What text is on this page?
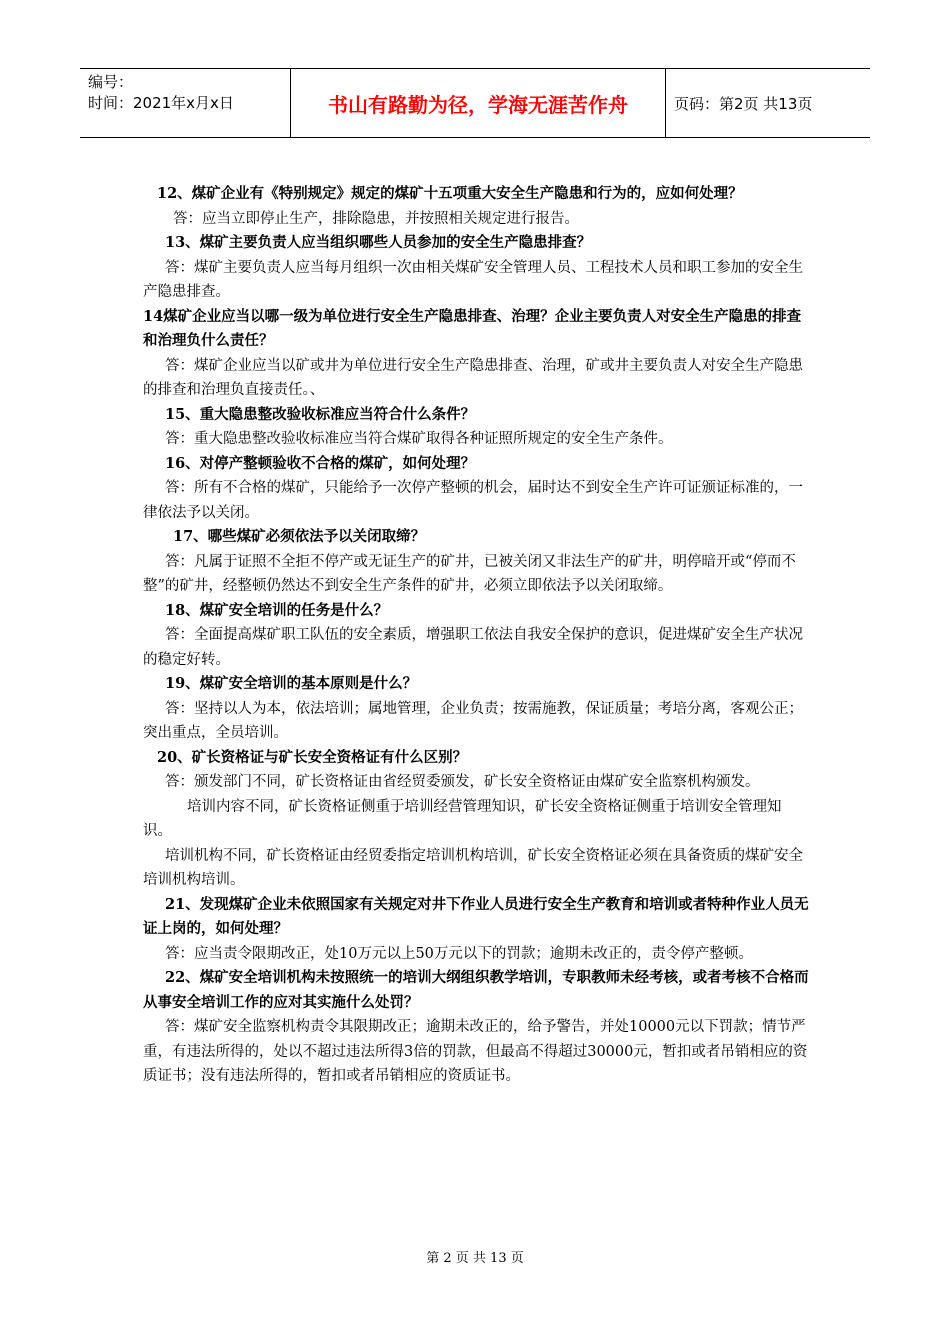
编号：
时间：2021年x月x日	书山有路勤为径，学海无涯苦作舟	页码：第2页 共13页

12、煤矿企业有《特别规定》规定的煤矿十五项重大安全生产隐患和行为的，应如何处理？

答：应当立即停止生产，排除隐患，并按照相关规定进行报告。

13、煤矿主要负责人应当组织哪些人员参加的安全生产隐患排查？

答：煤矿主要负责人应当每月组织一次由相关煤矿安全管理人员、工程技术人员和职工参加的安全生产隐患排查。

14煤矿企业应当以哪一级为单位进行安全生产隐患排查、治理？企业主要负责人对安全生产隐患的排查和治理负什么责任？

答：煤矿企业应当以矿或井为单位进行安全生产隐患排查、治理，矿或井主要负责人对安全生产隐患的排查和治理负直接责任。、

15、重大隐患整改验收标准应当符合什么条件？

答：重大隐患整改验收标准应当符合煤矿取得各种证照所规定的安全生产条件。

16、对停产整顿验收不合格的煤矿，如何处理？

答：所有不合格的煤矿，只能给予一次停产整顿的机会，届时达不到安全生产许可证颁证标准的，一律依法予以关闭。

17、哪些煤矿必须依法予以关闭取缔？

答：凡属于证照不全拒不停产或无证生产的矿井，已被关闭又非法生产的矿井，明停暗开或“停而不整”的矿井，经整顿仍然达不到安全生产条件的矿井，必须立即依法予以关闭取缔。

18、煤矿安全培训的任务是什么？

答：全面提高煤矿职工队伍的安全素质，增强职工依法自我安全保护的意识，促进煤矿安全生产状况的稳定好转。

19、煤矿安全培训的基本原则是什么？

答：坚持以人为本，依法培训；属地管理，企业负责；按需施教，保证质量；考培分离，客观公正；突出重点，全员培训。

20、矿长资格证与矿长安全资格证有什么区别？

答：颁发部门不同，矿长资格证由省经贸委颁发，矿长安全资格证由煤矿安全监察机构颁发。

培训内容不同，矿长资格证侧重于培训经营管理知识，矿长安全资格证侧重于培训安全管理知识。

培训机构不同，矿长资格证由经贸委指定培训机构培训，矿长安全资格证必须在具备资质的煤矿安全培训机构培训。

21、发现煤矿企业未依照国家有关规定对井下作业人员进行安全生产教育和培训或者特种作业人员无证上岗的，如何处理？

答：应当责令限期改正，处10万元以上50万元以下的罚款；逾期未改正的，责令停产整顿。

22、煤矿安全培训机构未按照统一的培训大纲组织教学培训，专职教师未经考核，或者考核不合格而从事安全培训工作的应对其实施什么处罚？

答：煤矿安全监察机构责令其限期改正；逾期未改正的，给予警告，并处10000元以下罚款；情节严重，有违法所得的，处以不超过违法所得3倍的罚款，但最高不得超过30000元，暂扣或者吊销相应的资质证书；没有违法所得的，暂扣或者吊销相应的资质证书。

第 2 页 共 13 页
